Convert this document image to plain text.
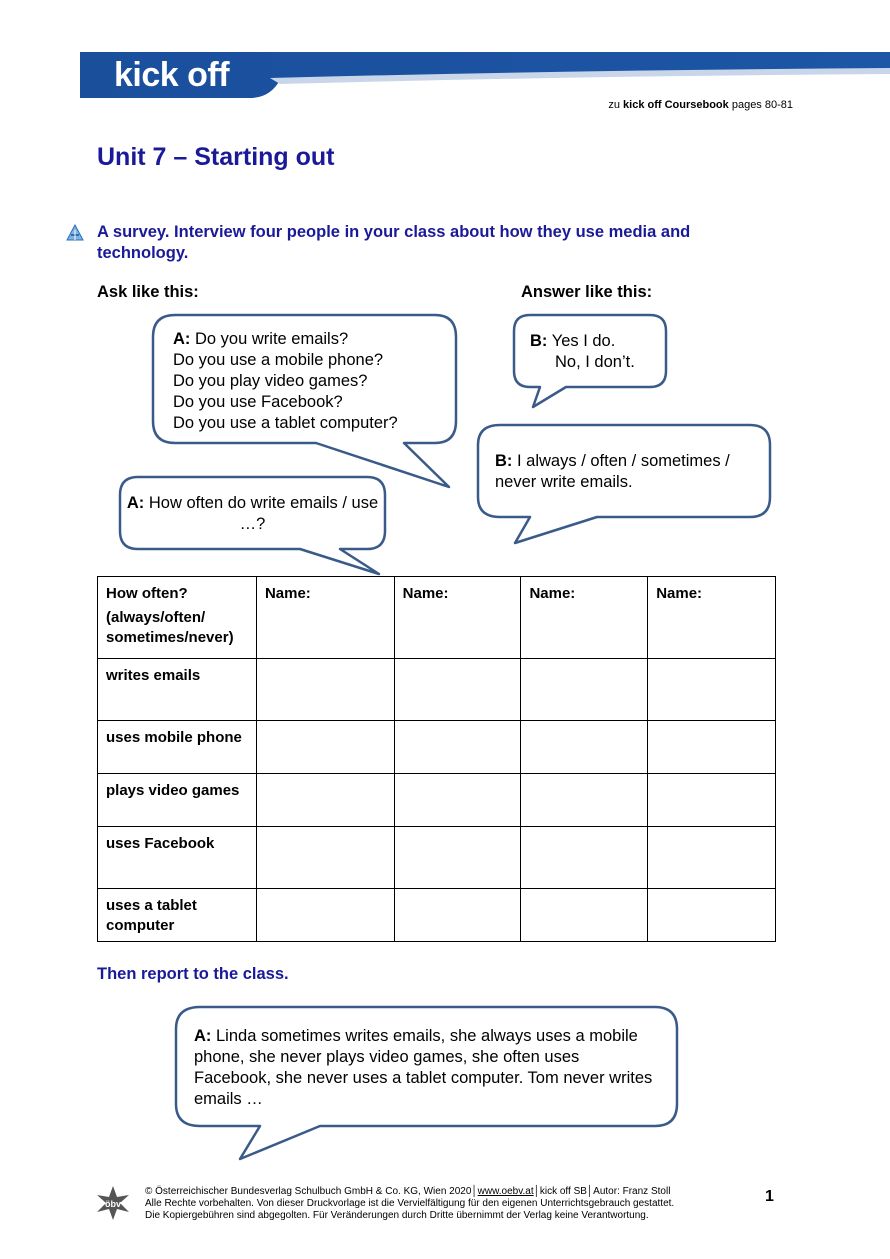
kick off
zu kick off Coursebook pages 80-81
Unit 7 – Starting out
A survey. Interview four people in your class about how they use media and technology.
Ask like this:	Answer like this:
A: Do you write emails?
Do you use a mobile phone?
Do you play video games?
Do you use Facebook?
Do you use a tablet computer?
B: Yes I do.
No, I don’t.
B: I always / often / sometimes / never write emails.
A: How often do write emails / use …?
How often?
(always/often/
sometimes/never)	Name:	Name:	Name:	Name:
writes emails				
uses mobile phone				
plays video games				
uses Facebook				
uses a tablet computer				
Then report to the class.
A: Linda sometimes writes emails, she always uses a mobile phone, she never plays video games, she often uses Facebook, she never uses a tablet computer. Tom never writes emails …
öbv
© Österreichischer Bundesverlag Schulbuch GmbH & Co. KG, Wien 2020│www.oebv.at│kick off SB│Autor: Franz Stoll
Alle Rechte vorbehalten. Von dieser Druckvorlage ist die Vervielfältigung für den eigenen Unterrichtsgebrauch gestattet.
Die Kopiergebühren sind abgegolten. Für Veränderungen durch Dritte übernimmt der Verlag keine Verantwortung.
1
